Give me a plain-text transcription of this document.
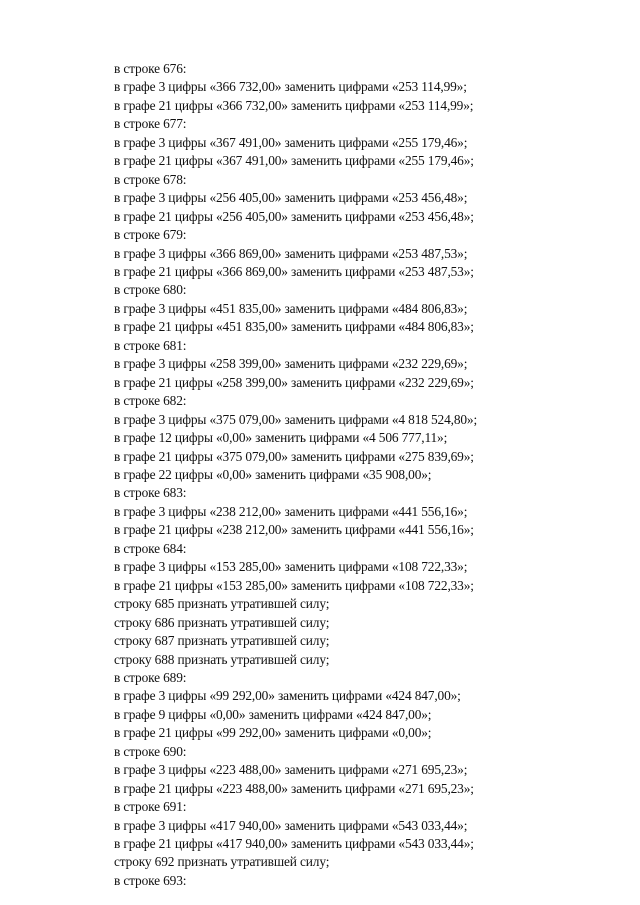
в строке 676:
в графе 3 цифры «366 732,00» заменить цифрами «253 114,99»;
в графе 21 цифры «366 732,00» заменить цифрами «253 114,99»;
в строке 677:
в графе 3 цифры «367 491,00» заменить цифрами «255 179,46»;
в графе 21 цифры «367 491,00» заменить цифрами «255 179,46»;
в строке 678:
в графе 3 цифры «256 405,00» заменить цифрами «253 456,48»;
в графе 21 цифры «256 405,00» заменить цифрами «253 456,48»;
в строке 679:
в графе 3 цифры «366 869,00» заменить цифрами «253 487,53»;
в графе 21 цифры «366 869,00» заменить цифрами «253 487,53»;
в строке 680:
в графе 3 цифры «451 835,00» заменить цифрами «484 806,83»;
в графе 21 цифры «451 835,00» заменить цифрами «484 806,83»;
в строке 681:
в графе 3 цифры «258 399,00» заменить цифрами «232 229,69»;
в графе 21 цифры «258 399,00» заменить цифрами «232 229,69»;
в строке 682:
в графе 3 цифры «375 079,00» заменить цифрами «4 818 524,80»;
в графе 12 цифры «0,00» заменить цифрами «4 506 777,11»;
в графе 21 цифры «375 079,00» заменить цифрами «275 839,69»;
в графе 22 цифры «0,00» заменить цифрами «35 908,00»;
в строке 683:
в графе 3 цифры «238 212,00» заменить цифрами «441 556,16»;
в графе 21 цифры «238 212,00» заменить цифрами «441 556,16»;
в строке 684:
в графе 3 цифры «153 285,00» заменить цифрами «108 722,33»;
в графе 21 цифры «153 285,00» заменить цифрами «108 722,33»;
строку 685 признать утратившей силу;
строку 686 признать утратившей силу;
строку 687 признать утратившей силу;
строку 688 признать утратившей силу;
в строке 689:
в графе 3 цифры «99 292,00» заменить цифрами «424 847,00»;
в графе 9 цифры «0,00» заменить цифрами «424 847,00»;
в графе 21 цифры «99 292,00» заменить цифрами «0,00»;
в строке 690:
в графе 3 цифры «223 488,00» заменить цифрами «271 695,23»;
в графе 21 цифры «223 488,00» заменить цифрами «271 695,23»;
в строке 691:
в графе 3 цифры «417 940,00» заменить цифрами «543 033,44»;
в графе 21 цифры «417 940,00» заменить цифрами «543 033,44»;
строку 692 признать утратившей силу;
в строке 693:
